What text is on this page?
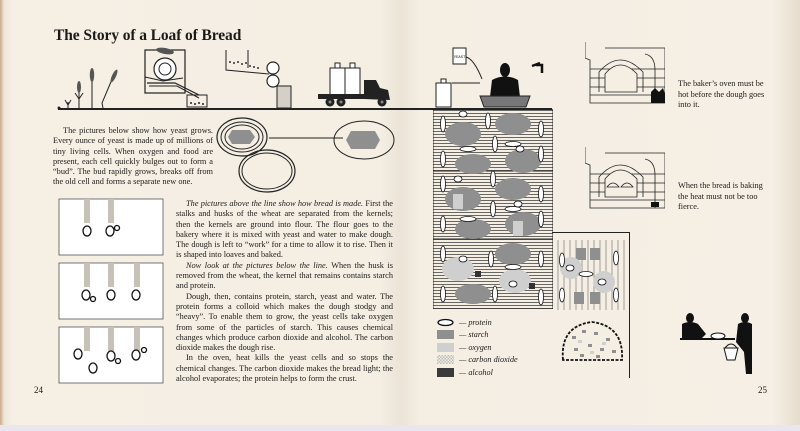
The Story of a Loaf of Bread
YEAST
The baker’s oven must be hot before the dough goes into it.
When the bread is baking the heat must not be too fierce.

The pictures below show how yeast grows. Every ounce of yeast is made up of millions of tiny living cells. When oxygen and food are present, each cell quickly bulges out to form a “bud”. The bud rapidly grows, breaks off from the old cell and forms a separate new one.

The pictures above the line show how bread is made. First the stalks and husks of the wheat are separated from the kernels; then the kernels are ground into flour. The flour goes to the bakery where it is mixed with yeast and water to make dough. The dough is left to “work” for a time to allow it to rise. Then it is shaped into loaves and baked.

Now look at the pictures below the line. When the husk is removed from the wheat, the kernel that remains contains starch and protein.

Dough, then, contains protein, starch, yeast and water. The protein forms a colloid which makes the dough stodgy and “heavy”. To enable them to grow, the yeast cells take oxygen from some of the particles of starch. This causes chemical changes which produce carbon dioxide and alcohol. The carbon dioxide makes the dough rise.

In the oven, heat kills the yeast cells and so stops the chemical changes. The carbon dioxide makes the bread light; the alcohol evaporates; the protein helps to form the crust.

— protein
— starch
— oxygen
— carbon dioxide
— alcohol
24	25
